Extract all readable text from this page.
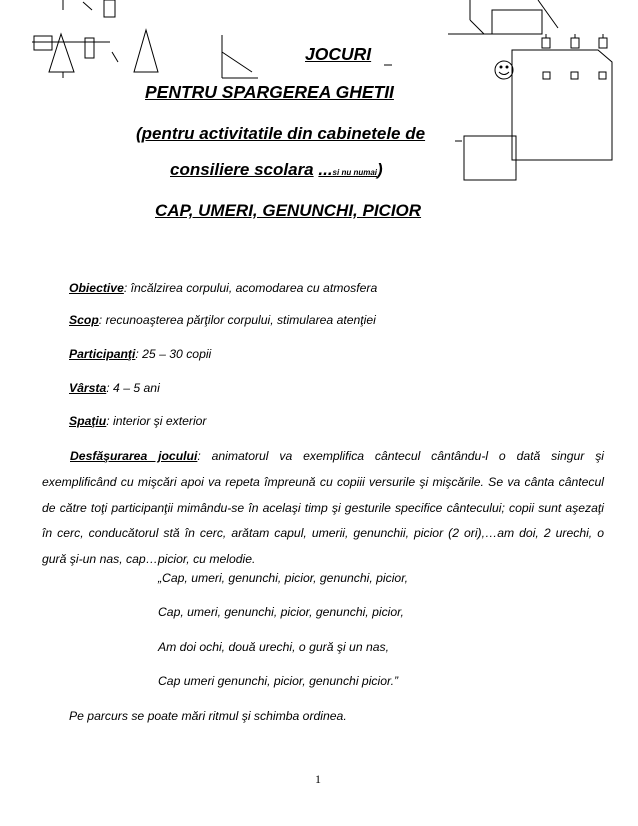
JOCURI
PENTRU SPARGEREA GHETII
(pentru activitatile din cabinetele de
consiliere scolara ...si nu numai)
CAP, UMERI, GENUNCHI, PICIOR
Obiective: încălzirea corpului, acomodarea cu atmosfera
Scop: recunoaşterea părţilor corpului, stimularea atenţiei
Participanţi: 25 – 30 copii
Vârsta: 4 – 5 ani
Spaţiu: interior şi exterior
Desfăşurarea jocului: animatorul va exemplifica cântecul cântându-l o dată singur şi exemplificând cu mişcări apoi va repeta împreună cu copiii versurile şi mişcările. Se va cânta cântecul de către toţi participanţii mimându-se în acelaşi timp şi gesturile specifice cântecului; copii sunt aşezaţi în cerc, conducătorul stă în cerc, arătam capul, umerii, genunchii, picior (2 ori),…am doi, 2 urechi, o gură şi-un nas, cap…picior, cu melodie.
„Cap, umeri, genunchi, picior, genunchi, picior,
Cap, umeri, genunchi, picior, genunchi, picior,
Am doi ochi, două urechi, o gură şi un nas,
Cap umeri genunchi, picior, genunchi picior.”
Pe parcurs se poate mări ritmul şi schimba ordinea.
1
